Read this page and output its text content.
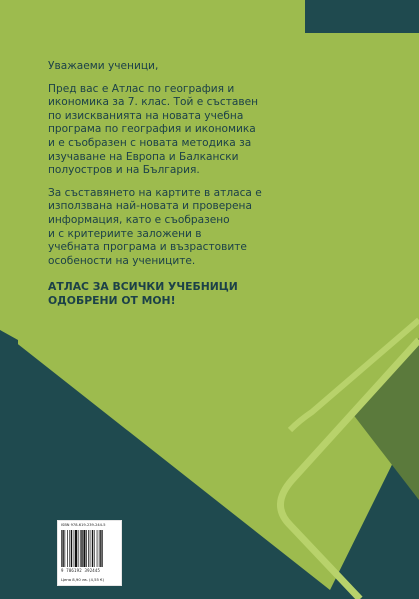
Уважаеми ученици,

Пред вас е Атлас по география и
икономика за 7. клас. Той е съставен
по изискванията на новата учебна
програма по география и икономика
и е съобразен с новата методика за
изучаване на Европа и Балкански
полуостров и на България.

За съставянето на картите в атласа е
използвана най-новата и проверена
информация, като е съобразено
и с критериите заложени в
учебната програма и възрастовите
особености на учениците.

АТЛАС ЗА ВСИЧКИ УЧЕБНИЦИ
ОДОБРЕНИ ОТ МОН!
ISBN 978-619-239-244-5
9 786192 392445
Цена 8,90 лв. (4,55 €)
